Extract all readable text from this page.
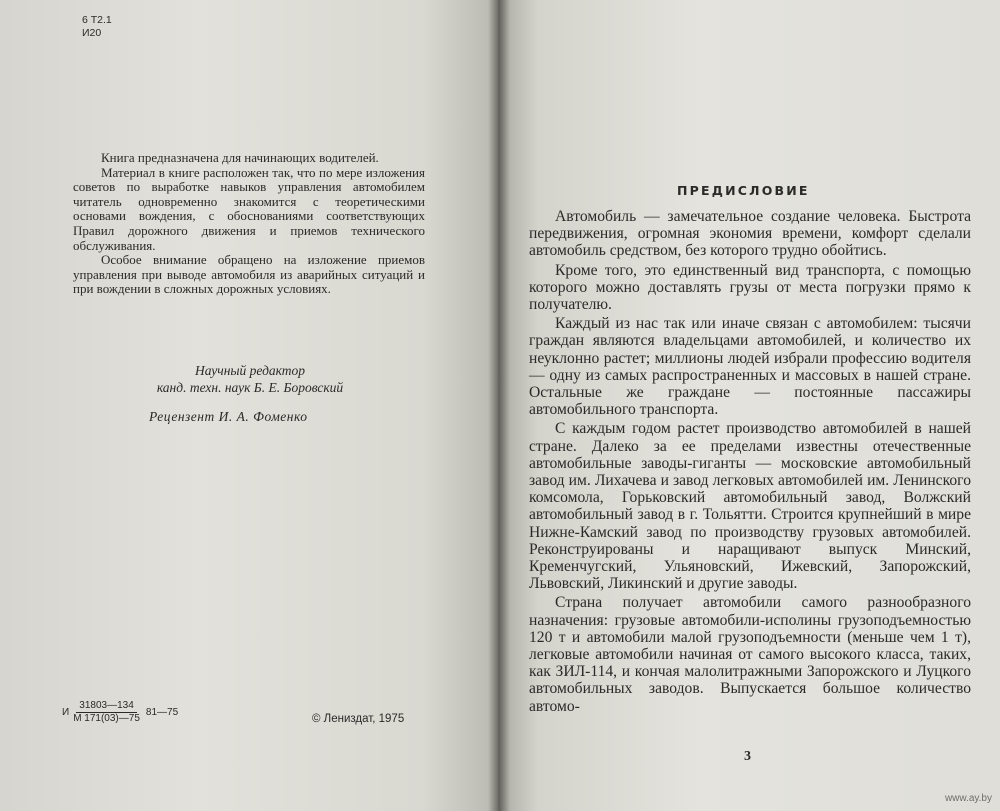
6 Т2.1
И20

Книга предназначена для начинающих водителей.

Материал в книге расположен так, что по мере изложения советов по выработке навыков управления автомобилем читатель одновременно знакомится с теоретическими основами вождения, с обоснованиями соответствующих Правил дорожного движения и приемов технического обслуживания.

Особое внимание обращено на изложение приемов управления при выводе автомобиля из аварийных ситуаций и при вождении в сложных дорожных условиях.

Научный редактор
канд. техн. наук Б. Е. Боровский
Рецензент И. А. Фоменко
И $\frac{31803—134}{М 171(03)—75}$ 81—75
© Лениздат, 1975
ПРЕДИСЛОВИЕ

Автомобиль — замечательное создание человека. Быстрота передвижения, огромная экономия времени, комфорт сделали автомобиль средством, без которого трудно обойтись.

Кроме того, это единственный вид транспорта, с помощью которого можно доставлять грузы от места погрузки прямо к получателю.

Каждый из нас так или иначе связан с автомобилем: тысячи граждан являются владельцами автомобилей, и количество их неуклонно растет; миллионы людей избрали профессию водителя — одну из самых распространенных и массовых в нашей стране. Остальные же граждане — постоянные пассажиры автомобильного транспорта.

С каждым годом растет производство автомобилей в нашей стране. Далеко за ее пределами известны отечественные автомобильные заводы-гиганты — московские автомобильный завод им. Лихачева и завод легковых автомобилей им. Ленинского комсомола, Горьковский автомобильный завод, Волжский автомобильный завод в г. Тольятти. Строится крупнейший в мире Нижне-Камский завод по производству грузовых автомобилей. Реконструированы и наращивают выпуск Минский, Кременчугский, Ульяновский, Ижевский, Запорожский, Львовский, Ликинский и другие заводы.

Страна получает автомобили самого разнообразного назначения: грузовые автомобили-исполины грузоподъемностью 120 т и автомобили малой грузоподъемности (меньше чем 1 т), легковые автомобили начиная от самого высокого класса, таких, как ЗИЛ-114, и кончая малолитражными Запорожского и Луцкого автомобильных заводов. Выпускается большое количество автомо-

3
www.ay.by
